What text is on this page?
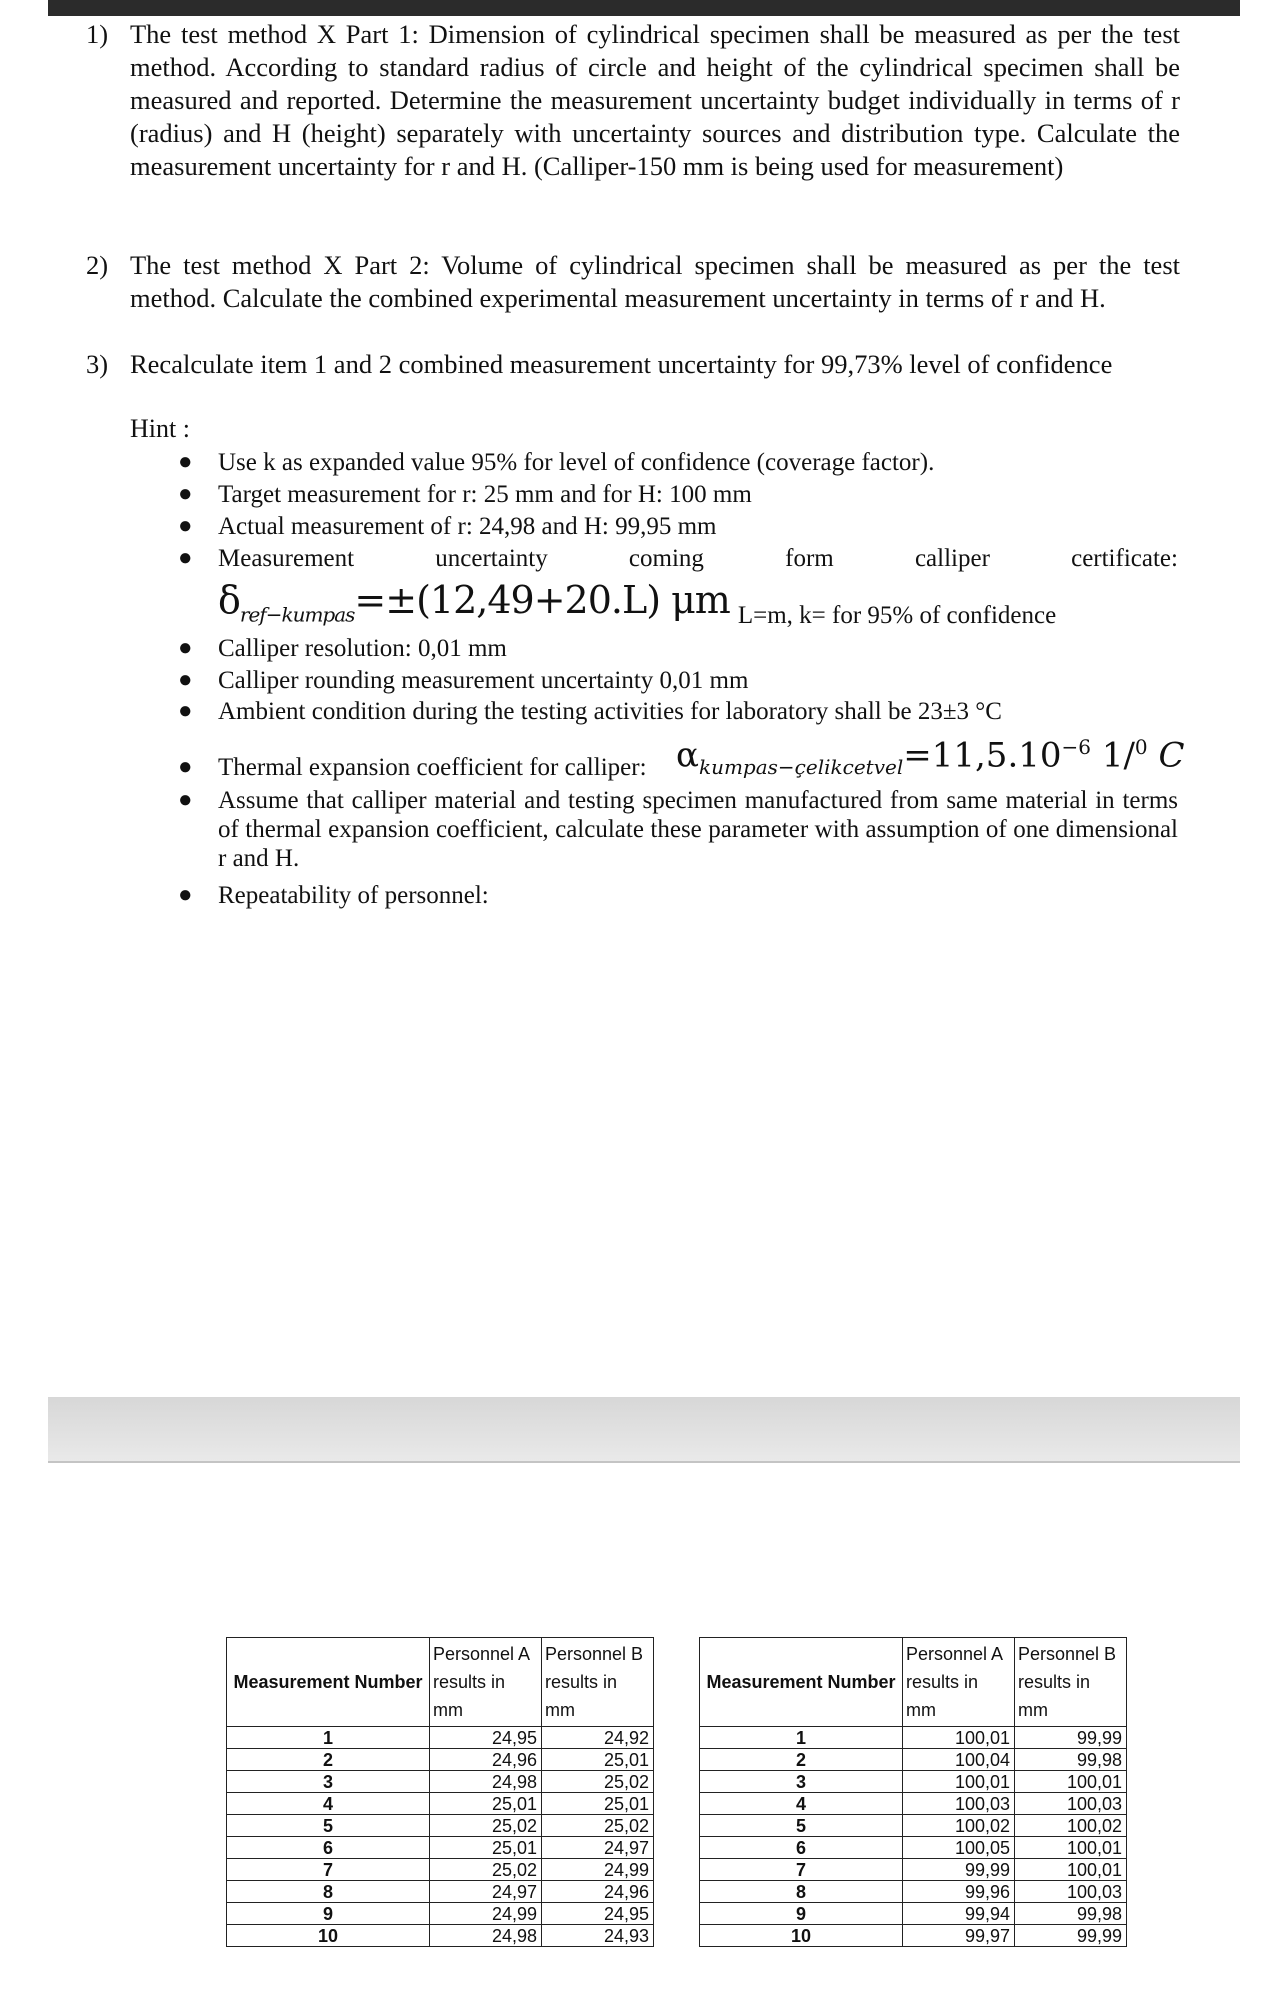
1) The test method X Part 1: Dimension of cylindrical specimen shall be measured as per the test method. According to standard radius of circle and height of the cylindrical specimen shall be measured and reported. Determine the measurement uncertainty budget individually in terms of r (radius) and H (height) separately with uncertainty sources and distribution type. Calculate the measurement uncertainty for r and H. (Calliper-150 mm is being used for measurement)
2) The test method X Part 2: Volume of cylindrical specimen shall be measured as per the test method. Calculate the combined experimental measurement uncertainty in terms of r and H.
3) Recalculate item 1 and 2 combined measurement uncertainty for 99,73% level of confidence
Hint :
● Use k as expanded value 95% for level of confidence (coverage factor).
● Target measurement for r: 25 mm and for H: 100 mm
● Actual measurement of r: 24,98 and H: 99,95 mm
● Measurement	uncertainty	coming	form	calliper	certificate:
$\delta_{ref-kumpas}=\pm(12,49+20.L)$ μm $_{L=m, k= for 95\% of confidence}$
● Calliper resolution: 0,01 mm
● Calliper rounding measurement uncertainty 0,01 mm
● Ambient condition during the testing activities for laboratory shall be 23±3 °C
● Thermal expansion coefficient for calliper: $\alpha_{kumpas-çelikcetvel}=11,5.10^{-6}$ 1/$^0$ C
● Assume that calliper material and testing specimen manufactured from same material in terms of thermal expansion coefficient, calculate these parameter with assumption of one dimensional r and H.
● Repeatability of personnel:
Measurement Number	Personnel A results in mm	Personnel B results in mm
1	24,95	24,92
2	24,96	25,01
3	24,98	25,02
4	25,01	25,01
5	25,02	25,02
6	25,01	24,97
7	25,02	24,99
8	24,97	24,96
9	24,99	24,95
10	24,98	24,93
Measurement Number	Personnel A results in mm	Personnel B results in mm
1	100,01	99,99
2	100,04	99,98
3	100,01	100,01
4	100,03	100,03
5	100,02	100,02
6	100,05	100,01
7	99,99	100,01
8	99,96	100,03
9	99,94	99,98
10	99,97	99,99
